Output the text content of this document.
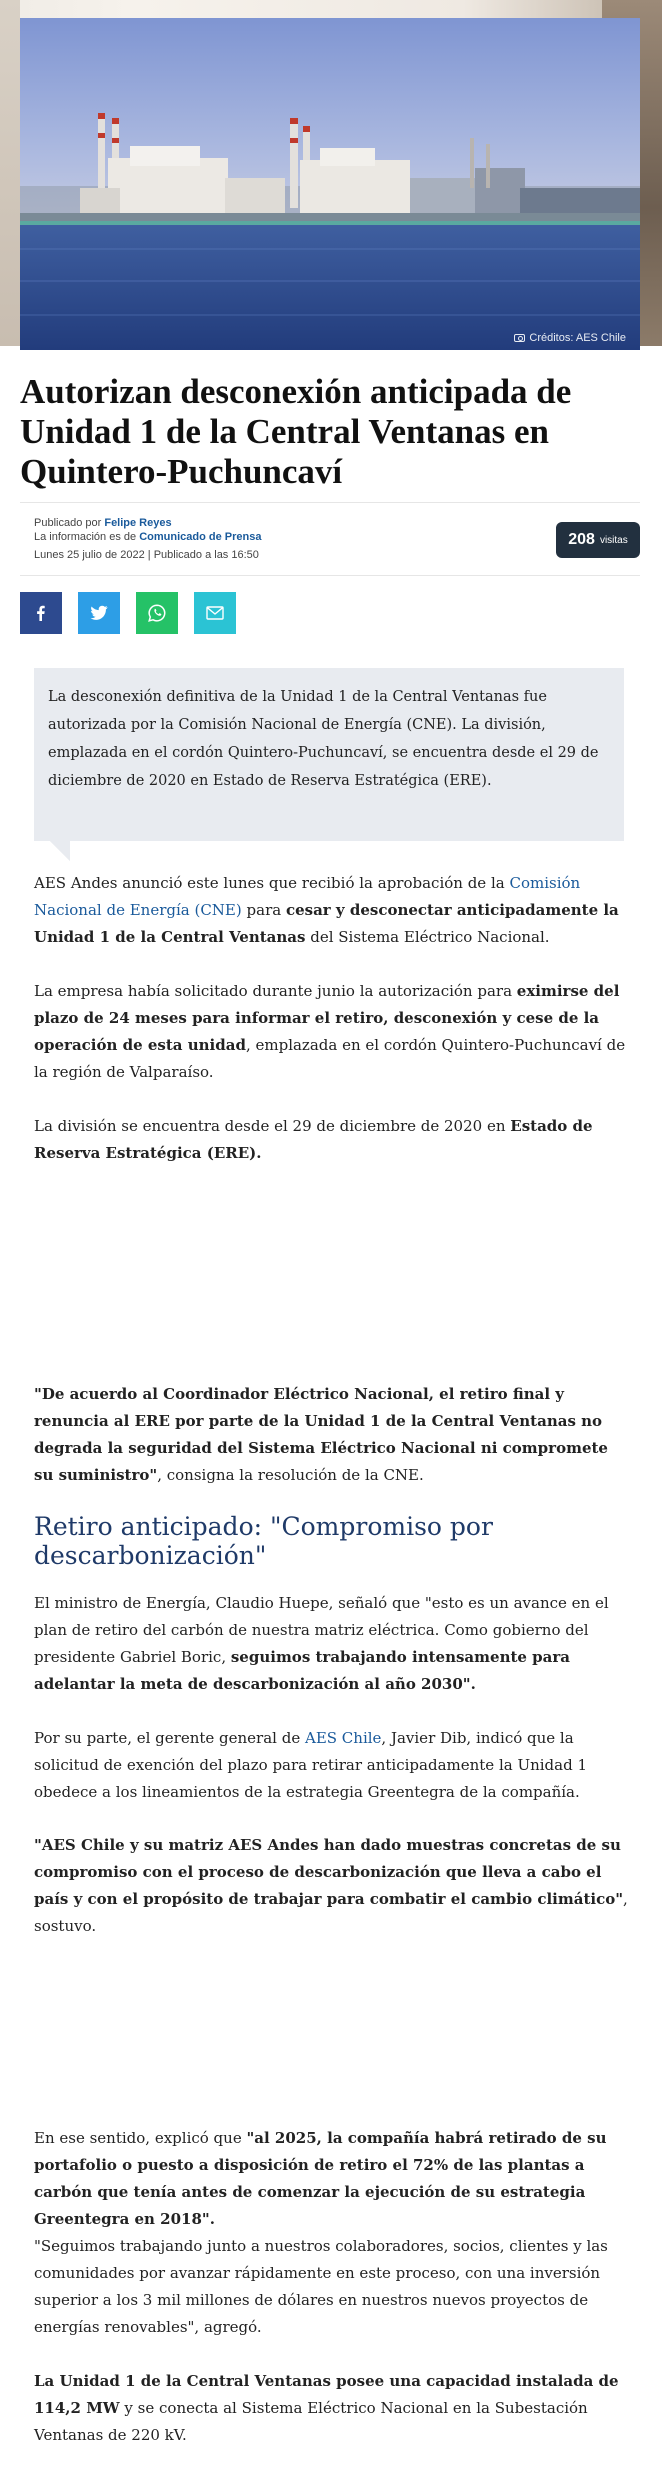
Créditos: AES Chile
Autorizan desconexión anticipada de Unidad 1 de la Central Ventanas en Quintero-Puchuncaví
Publicado por Felipe Reyes
La información es de Comunicado de Prensa
Lunes 25 julio de 2022 | Publicado a las 16:50
208 visitas

La desconexión definitiva de la Unidad 1 de la Central Ventanas fue autorizada por la Comisión Nacional de Energía (CNE). La división, emplazada en el cordón Quintero-Puchuncaví, se encuentra desde el 29 de diciembre de 2020 en Estado de Reserva Estratégica (ERE).

AES Andes anunció este lunes que recibió la aprobación de la Comisión Nacional de Energía (CNE) para cesar y desconectar anticipadamente la Unidad 1 de la Central Ventanas del Sistema Eléctrico Nacional.

La empresa había solicitado durante junio la autorización para eximirse del plazo de 24 meses para informar el retiro, desconexión y cese de la operación de esta unidad, emplazada en el cordón Quintero-Puchuncaví de la región de Valparaíso.

La división se encuentra desde el 29 de diciembre de 2020 en Estado de Reserva Estratégica (ERE).

"De acuerdo al Coordinador Eléctrico Nacional, el retiro final y renuncia al ERE por parte de la Unidad 1 de la Central Ventanas no degrada la seguridad del Sistema Eléctrico Nacional ni compromete su suministro", consigna la resolución de la CNE.

Retiro anticipado: "Compromiso por descarbonización"

El ministro de Energía, Claudio Huepe, señaló que "esto es un avance en el plan de retiro del carbón de nuestra matriz eléctrica. Como gobierno del presidente Gabriel Boric, seguimos trabajando intensamente para adelantar la meta de descarbonización al año 2030".

Por su parte, el gerente general de AES Chile, Javier Dib, indicó que la solicitud de exención del plazo para retirar anticipadamente la Unidad 1 obedece a los lineamientos de la estrategia Greentegra de la compañía.

"AES Chile y su matriz AES Andes han dado muestras concretas de su compromiso con el proceso de descarbonización que lleva a cabo el país y con el propósito de trabajar para combatir el cambio climático", sostuvo.

En ese sentido, explicó que "al 2025, la compañía habrá retirado de su portafolio o puesto a disposición de retiro el 72% de las plantas a carbón que tenía antes de comenzar la ejecución de su estrategia Greentegra en 2018".

"Seguimos trabajando junto a nuestros colaboradores, socios, clientes y las comunidades por avanzar rápidamente en este proceso, con una inversión superior a los 3 mil millones de dólares en nuestros nuevos proyectos de energías renovables", agregó.

La Unidad 1 de la Central Ventanas posee una capacidad instalada de 114,2 MW y se conecta al Sistema Eléctrico Nacional en la Subestación Ventanas de 220 kV.
